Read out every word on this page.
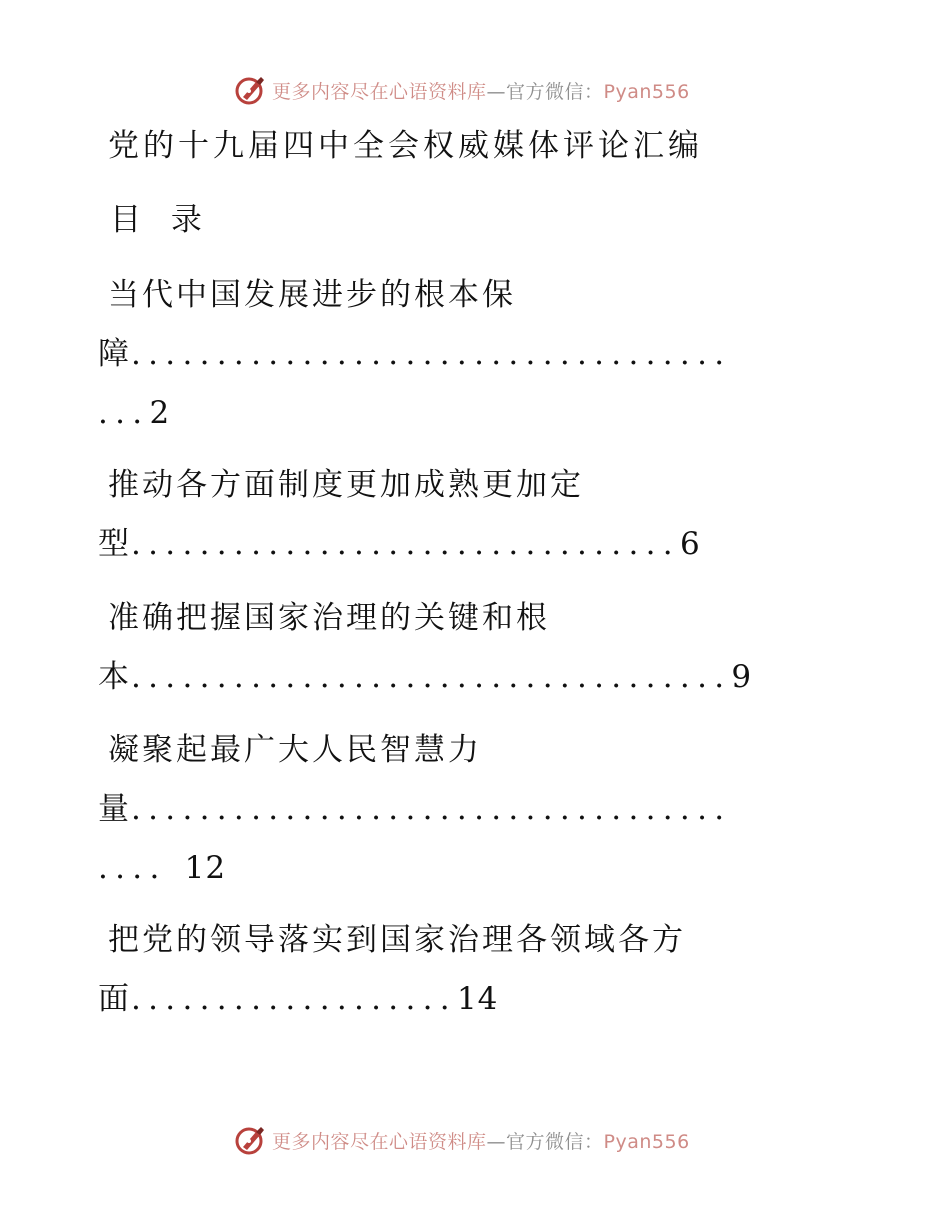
更多内容尽在心语资料库—官方微信：Pyan556
党的十九届四中全会权威媒体评论汇编
目 录
当代中国发展进步的根本保
障...................................
...2
推动各方面制度更加成熟更加定
型................................6
准确把握国家治理的关键和根
本...................................9
凝聚起最广大人民智慧力
量...................................
.... 12
把党的领导落实到国家治理各领域各方
面...................14
更多内容尽在心语资料库—官方微信：Pyan556
